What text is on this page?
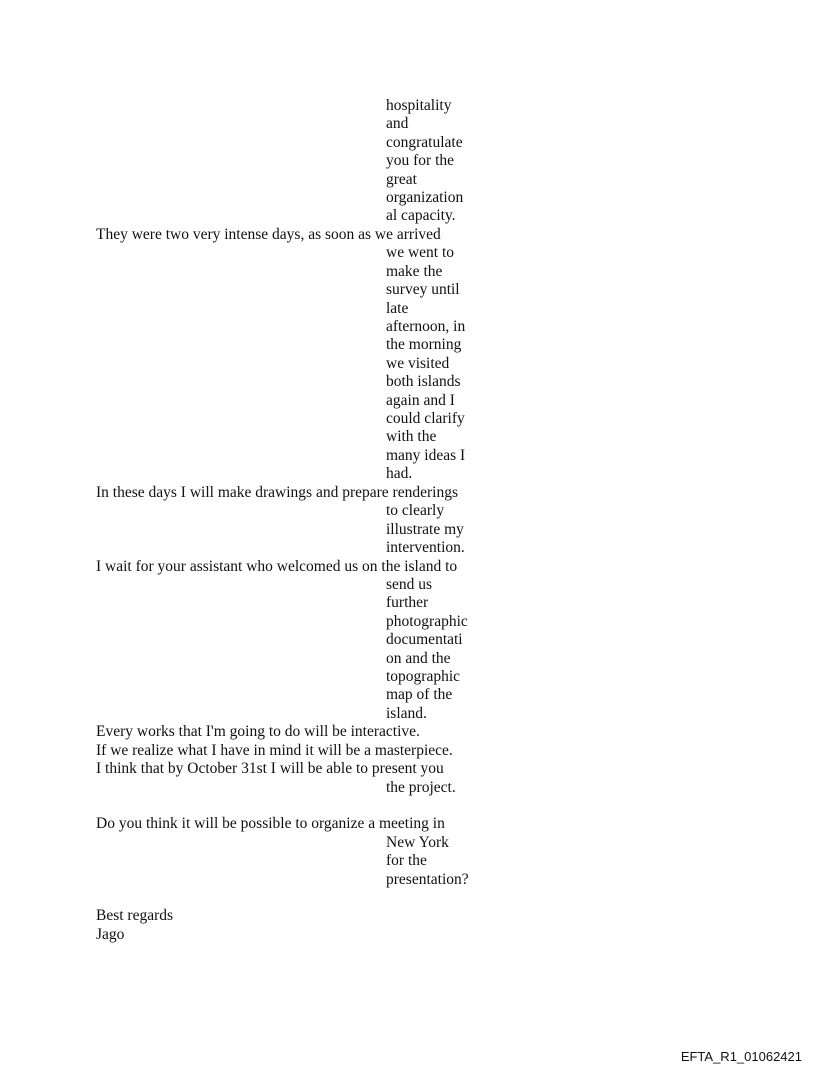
hospitality
and
congratulate
you for the
great
organization
al capacity.
They were two very intense days, as soon as we arrived
we went to
make the
survey until
late
afternoon, in
the morning
we visited
both islands
again and I
could clarify
with the
many ideas I
had.
In these days I will make drawings and prepare renderings
to clearly
illustrate my
intervention.
I wait for your assistant who welcomed us on the island to
send us
further
photographic
documentati
on and the
topographic
map of the
island.
Every works that I'm going to do will be interactive.
If we realize what I have in mind it will be a masterpiece.
I think that by October 31st I will be able to present you
the project.
Do you think it will be possible to organize a meeting in
New York
for the
presentation?
Best regards
Jago
EFTA_R1_01062421
